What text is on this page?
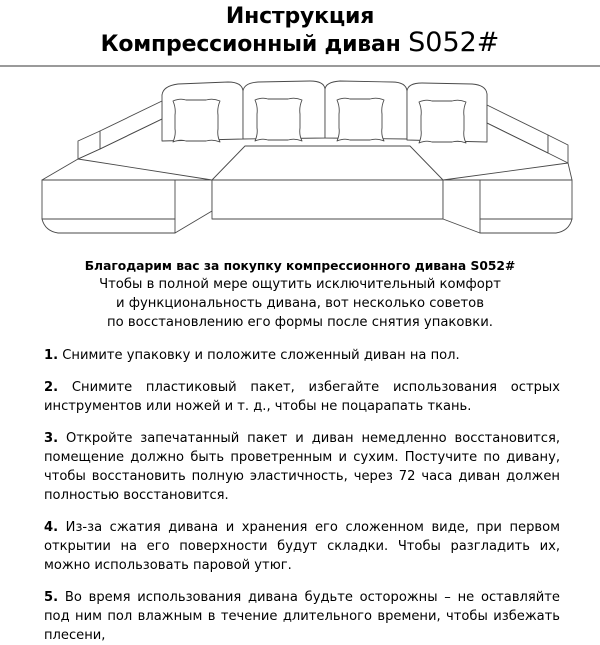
Инструкция
Компрессионный диван S052#
Благодарим вас за покупку компрессионного дивана S052#
Чтобы в полной мере ощутить исключительный комфорт
и функциональность дивана, вот несколько советов
по восстановлению его формы после снятия упаковки.

1. Снимите упаковку и положите сложенный диван на пол.

2. Снимите пластиковый пакет, избегайте использования острых инструментов или ножей и т. д., чтобы не поцарапать ткань.

3. Откройте запечатанный пакет и диван немедленно восстановится, помещение должно быть проветренным и сухим. Постучите по дивану, чтобы восстановить полную эластичность, через 72 часа диван должен полностью восстановится.

4. Из-за сжатия дивана и хранения его сложенном виде, при первом открытии на его поверхности будут складки. Чтобы разгладить их, можно использовать паровой утюг.

5. Во время использования дивана будьте осторожны – не оставляйте под ним пол влажным в течение длительного времени, чтобы избежать плесени,
